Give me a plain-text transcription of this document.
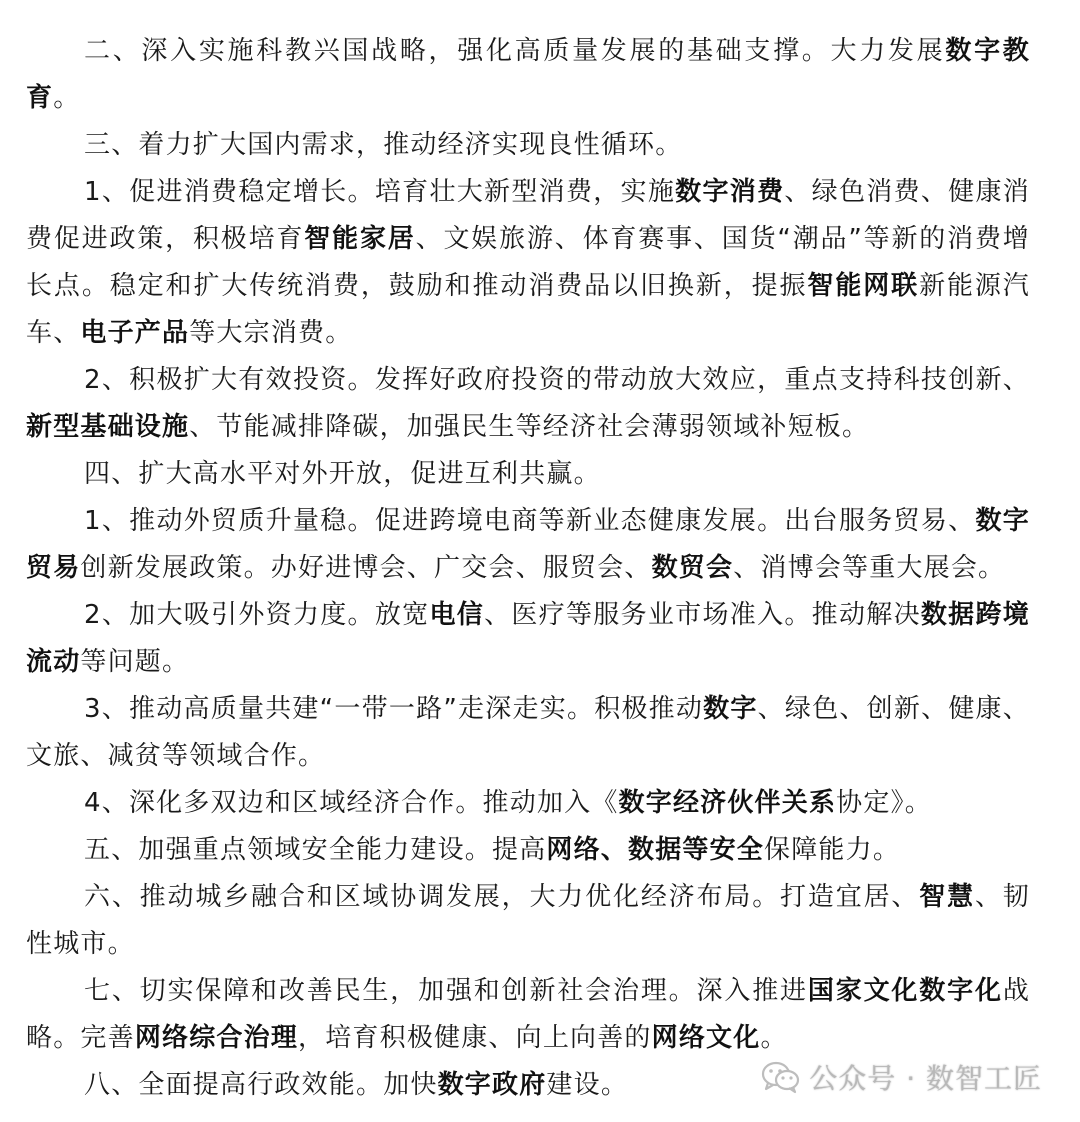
二、深入实施科教兴国战略，强化高质量发展的基础支撑。大力发展数字教育。

三、着力扩大国内需求，推动经济实现良性循环。

1、促进消费稳定增长。培育壮大新型消费，实施数字消费、绿色消费、健康消费促进政策，积极培育智能家居、文娱旅游、体育赛事、国货“潮品”等新的消费增长点。稳定和扩大传统消费，鼓励和推动消费品以旧换新，提振智能网联新能源汽车、电子产品等大宗消费。

2、积极扩大有效投资。发挥好政府投资的带动放大效应，重点支持科技创新、新型基础设施、节能减排降碳，加强民生等经济社会薄弱领域补短板。

四、扩大高水平对外开放，促进互利共赢。

1、推动外贸质升量稳。促进跨境电商等新业态健康发展。出台服务贸易、数字贸易创新发展政策。办好进博会、广交会、服贸会、数贸会、消博会等重大展会。

2、加大吸引外资力度。放宽电信、医疗等服务业市场准入。推动解决数据跨境流动等问题。

3、推动高质量共建“一带一路”走深走实。积极推动数字、绿色、创新、健康、文旅、减贫等领域合作。

4、深化多双边和区域经济合作。推动加入《数字经济伙伴关系协定》。

五、加强重点领域安全能力建设。提高网络、数据等安全保障能力。

六、推动城乡融合和区域协调发展，大力优化经济布局。打造宜居、智慧、韧性城市。

七、切实保障和改善民生，加强和创新社会治理。深入推进国家文化数字化战略。完善网络综合治理，培育积极健康、向上向善的网络文化。

八、全面提高行政效能。加快数字政府建设。	公众号 · 数智工匠
